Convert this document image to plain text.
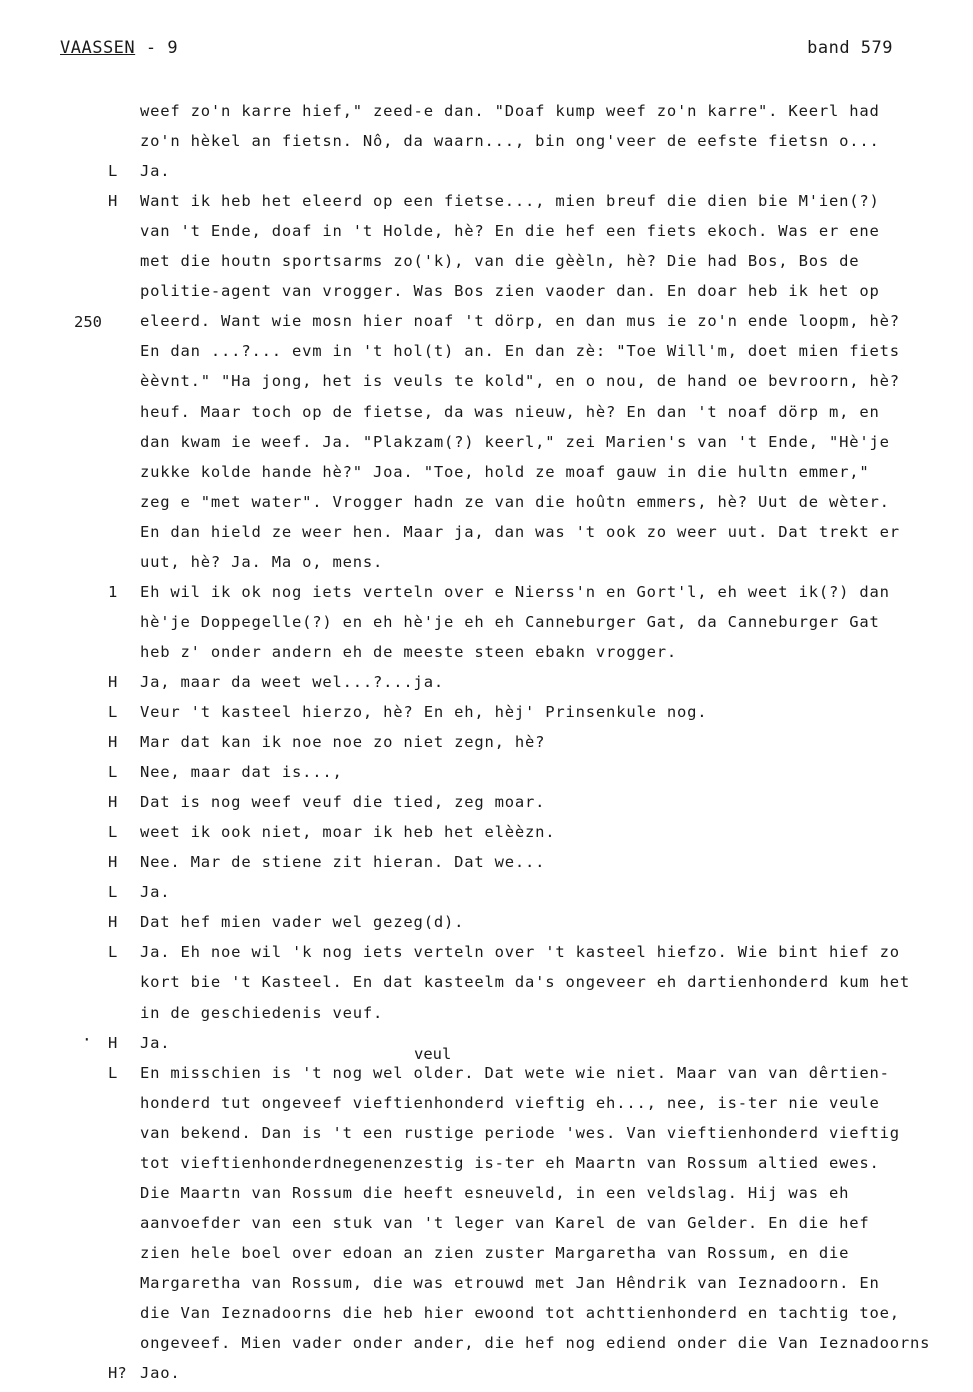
VAASSEN - 9	band 579
250
·
veul
weef zo'n karre hief," zeed-e dan. "Doaf kump weef zo'n karre". Keerl had
zo'n hèkel an fietsn. Nô, da waarn..., bin ong'veer de eefste fietsn o...
L	Ja.
H	Want ik heb het eleerd op een fietse..., mien breuf die dien bie M'ien(?)
van 't Ende, doaf in 't Holde, hè? En die hef een fiets ekoch. Was er ene
met die houtn sportsarms zo('k), van die gèèln, hè? Die had Bos, Bos de
politie-agent van vrogger. Was Bos zien vaoder dan. En doar heb ik het op
eleerd. Want wie mosn hier noaf 't dörp, en dan mus ie zo'n ende loopm, hè?
En dan ...?... evm in 't hol(t) an. En dan zè: "Toe Will'm, doet mien fiets
èèvnt." "Ha jong, het is veuls te kold", en o nou, de hand oe bevroorn, hè?
heuf. Maar toch op de fietse, da was nieuw, hè? En dan 't noaf dörp m, en
dan kwam ie weef. Ja. "Plakzam(?) keerl," zei Marien's van 't Ende, "Hè'je
zukke kolde hande hè?" Joa. "Toe, hold ze moaf gauw in die hultn emmer,"
zeg e "met water". Vrogger hadn ze van die hoûtn emmers, hè? Uut de wèter.
En dan hield ze weer hen. Maar ja, dan was 't ook zo weer uut. Dat trekt er
uut, hè? Ja. Ma o, mens.
1	Eh wil ik ok nog iets verteln over e Nierss'n en Gort'l, eh weet ik(?) dan
hè'je Doppegelle(?) en eh hè'je eh eh Canneburger Gat, da Canneburger Gat
heb z' onder andern eh de meeste steen ebakn vrogger.
H	Ja, maar da weet wel...?...ja.
L	Veur 't kasteel hierzo, hè? En eh, hèj' Prinsenkule nog.
H	Mar dat kan ik noe noe zo niet zegn, hè?
L	Nee, maar dat is...,
H	Dat is nog weef veuf die tied, zeg moar.
L	weet ik ook niet, moar ik heb het elèèzn.
H	Nee. Mar de stiene zit hieran. Dat we...
L	Ja.
H	Dat hef mien vader wel gezeg(d).
L	Ja. Eh noe wil 'k nog iets verteln over 't kasteel hiefzo. Wie bint hief zo
kort bie 't Kasteel. En dat kasteelm da's ongeveer eh dartienhonderd kum het
in de geschiedenis veuf.
H	Ja.
L	En misschien is 't nog wel older. Dat wete wie niet. Maar van van dêrtien-
honderd tut ongeveef vieftienhonderd vieftig eh..., nee, is-ter nie veule
van bekend. Dan is 't een rustige periode 'wes. Van vieftienhonderd vieftig
tot vieftienhonderdnegenenzestig is-ter eh Maartn van Rossum altied ewes.
Die Maartn van Rossum die heeft esneuveld, in een veldslag. Hij was eh
aanvoefder van een stuk van 't leger van Karel de van Gelder. En die hef
zien hele boel over edoan an zien zuster Margaretha van Rossum, en die
Margaretha van Rossum, die was etrouwd met Jan Hêndrik van Ieznadoorn. En
die Van Ieznadoorns die heb hier ewoond tot achttienhonderd en tachtig toe,
ongeveef. Mien vader onder ander, die hef nog ediend onder die Van Ieznadoorns
H? Jao.
